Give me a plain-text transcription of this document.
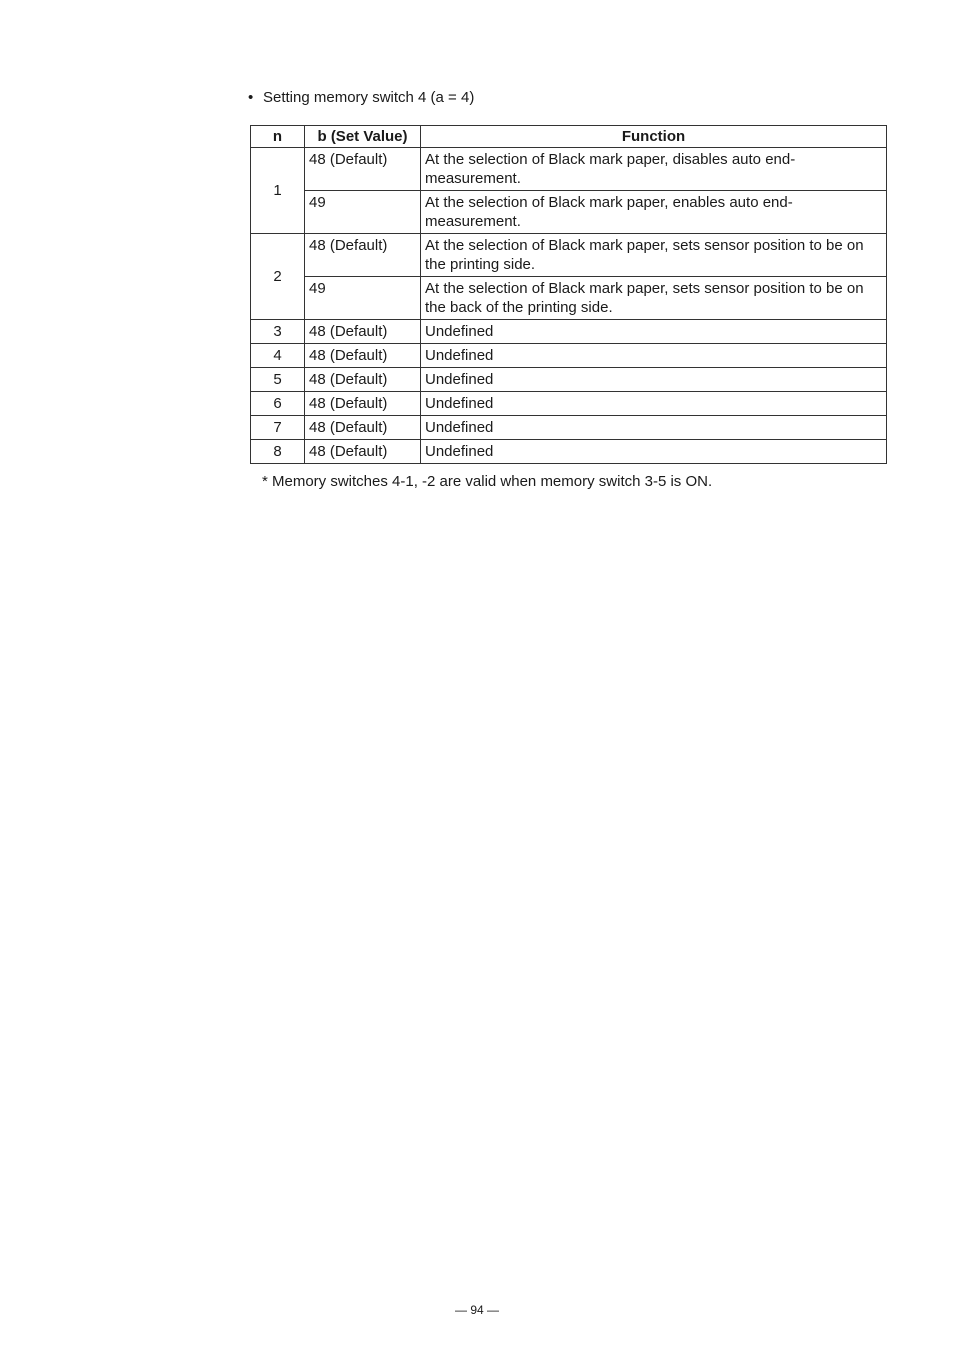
• Setting memory switch 4 (a = 4)
n	b (Set Value)	Function
1	48 (Default)	At the selection of Black mark paper, disables auto end-measurement.
	49	At the selection of Black mark paper, enables auto end-measurement.
2	48 (Default)	At the selection of Black mark paper, sets sensor position to be on the printing side.
	49	At the selection of Black mark paper, sets sensor position to be on the back of the printing side.
3	48 (Default)	Undefined
4	48 (Default)	Undefined
5	48 (Default)	Undefined
6	48 (Default)	Undefined
7	48 (Default)	Undefined
8	48 (Default)	Undefined
* Memory switches 4-1, -2 are valid when memory switch 3-5 is ON.
— 94 —
